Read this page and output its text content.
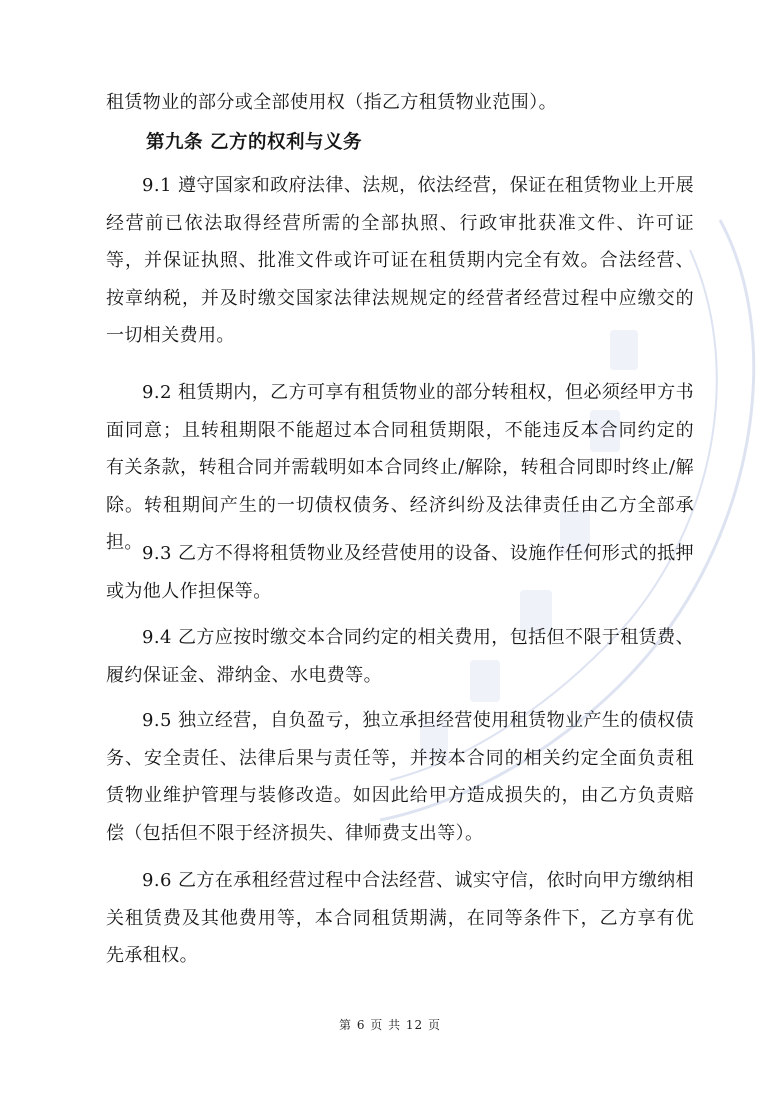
租赁物业的部分或全部使用权（指乙方租赁物业范围）。

第九条 乙方的权利与义务

9.1 遵守国家和政府法律、法规，依法经营，保证在租赁物业上开展经营前已依法取得经营所需的全部执照、行政审批获准文件、许可证等，并保证执照、批准文件或许可证在租赁期内完全有效。合法经营、按章纳税，并及时缴交国家法律法规规定的经营者经营过程中应缴交的一切相关费用。

9.2 租赁期内，乙方可享有租赁物业的部分转租权，但必须经甲方书面同意；且转租期限不能超过本合同租赁期限，不能违反本合同约定的有关条款，转租合同并需载明如本合同终止/解除，转租合同即时终止/解除。转租期间产生的一切债权债务、经济纠纷及法律责任由乙方全部承担。

9.3 乙方不得将租赁物业及经营使用的设备、设施作任何形式的抵押或为他人作担保等。

9.4 乙方应按时缴交本合同约定的相关费用，包括但不限于租赁费、履约保证金、滞纳金、水电费等。

9.5 独立经营，自负盈亏，独立承担经营使用租赁物业产生的债权债务、安全责任、法律后果与责任等，并按本合同的相关约定全面负责租赁物业维护管理与装修改造。如因此给甲方造成损失的，由乙方负责赔偿（包括但不限于经济损失、律师费支出等）。

9.6 乙方在承租经营过程中合法经营、诚实守信，依时向甲方缴纳相关租赁费及其他费用等，本合同租赁期满，在同等条件下，乙方享有优先承租权。

第 6 页 共 12 页
